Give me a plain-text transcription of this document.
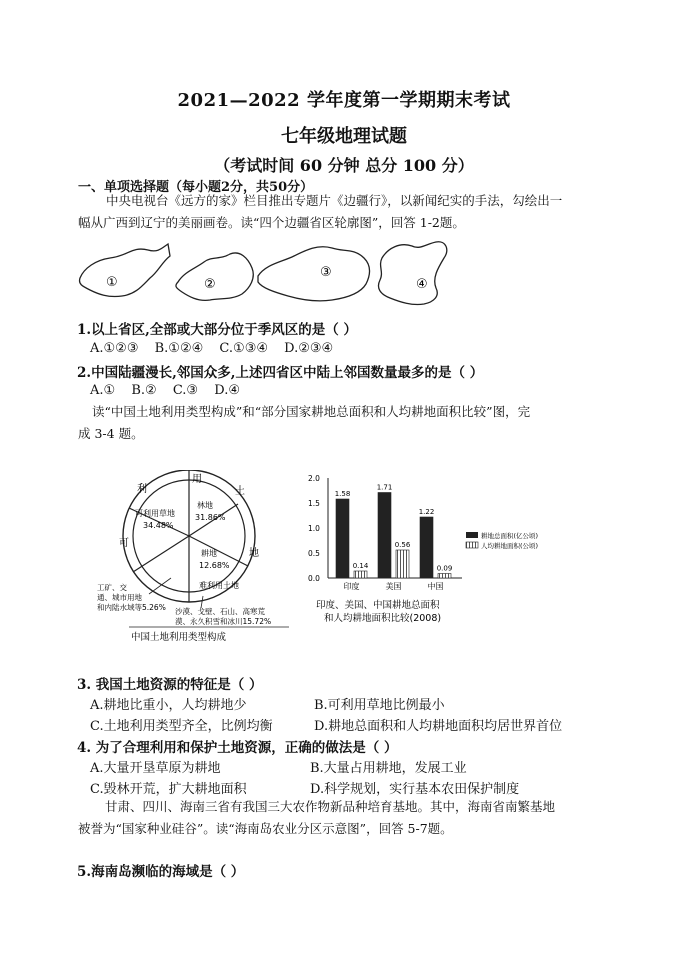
2021—2022 学年度第一学期期末考试
七年级地理试题
（考试时间 60 分钟 总分 100 分）
一、单项选择题（每小题2分，共50分）
中央电视台《远方的家》栏目推出专题片《边疆行》，以新闻纪实的手法，勾绘出一
幅从广西到辽宁的美丽画卷。读“四个边疆省区轮廓图”，回答 1-2题。
①	②
③
④
1.以上省区,全部或大部分位于季风区的是（ ）
A.①②③ B.①②④ C.①③④ D.②③④
2.中国陆疆漫长,邻国众多,上述四省区中陆上邻国数量最多的是（ ）
A.① B.② C.③ D.④
读“中国土地利用类型构成”和“部分国家耕地总面积和人均耕地面积比较”图，完
成 3-4 题。
用
土
地
可
利
林地
31.86%
可利用草地
34.48%
耕地
12.68%
难利用土地
沙漠、戈壁、石山、高寒荒
漠、永久积雪和冰川15.72%
工矿、交
通、城市用地
和内陆水域等5.26%
中国土地利用类型构成
0.0
0.5
1.0
1.5
2.0
1.58
0.14
印度
1.71
0.56
美国
1.22
0.09
中国
耕地总面积(亿公顷)
人均耕地面积(公顷)
印度、美国、中国耕地总面积
和人均耕地面积比较(2008)
3. 我国土地资源的特征是（ ）
A.耕地比重小，人均耕地少	B.可利用草地比例最小
C.土地利用类型齐全，比例均衡	D.耕地总面积和人均耕地面积均居世界首位
4. 为了合理利用和保护土地资源，正确的做法是（ ）
A.大量开垦草原为耕地	B.大量占用耕地，发展工业
C.毁林开荒，扩大耕地面积	D.科学规划，实行基本农田保护制度
甘肃、四川、海南三省有我国三大农作物新品种培育基地。其中，海南省南繁基地
被誉为“国家种业硅谷”。读“海南岛农业分区示意图”，回答 5-7题。
5.海南岛濒临的海域是（ ）
